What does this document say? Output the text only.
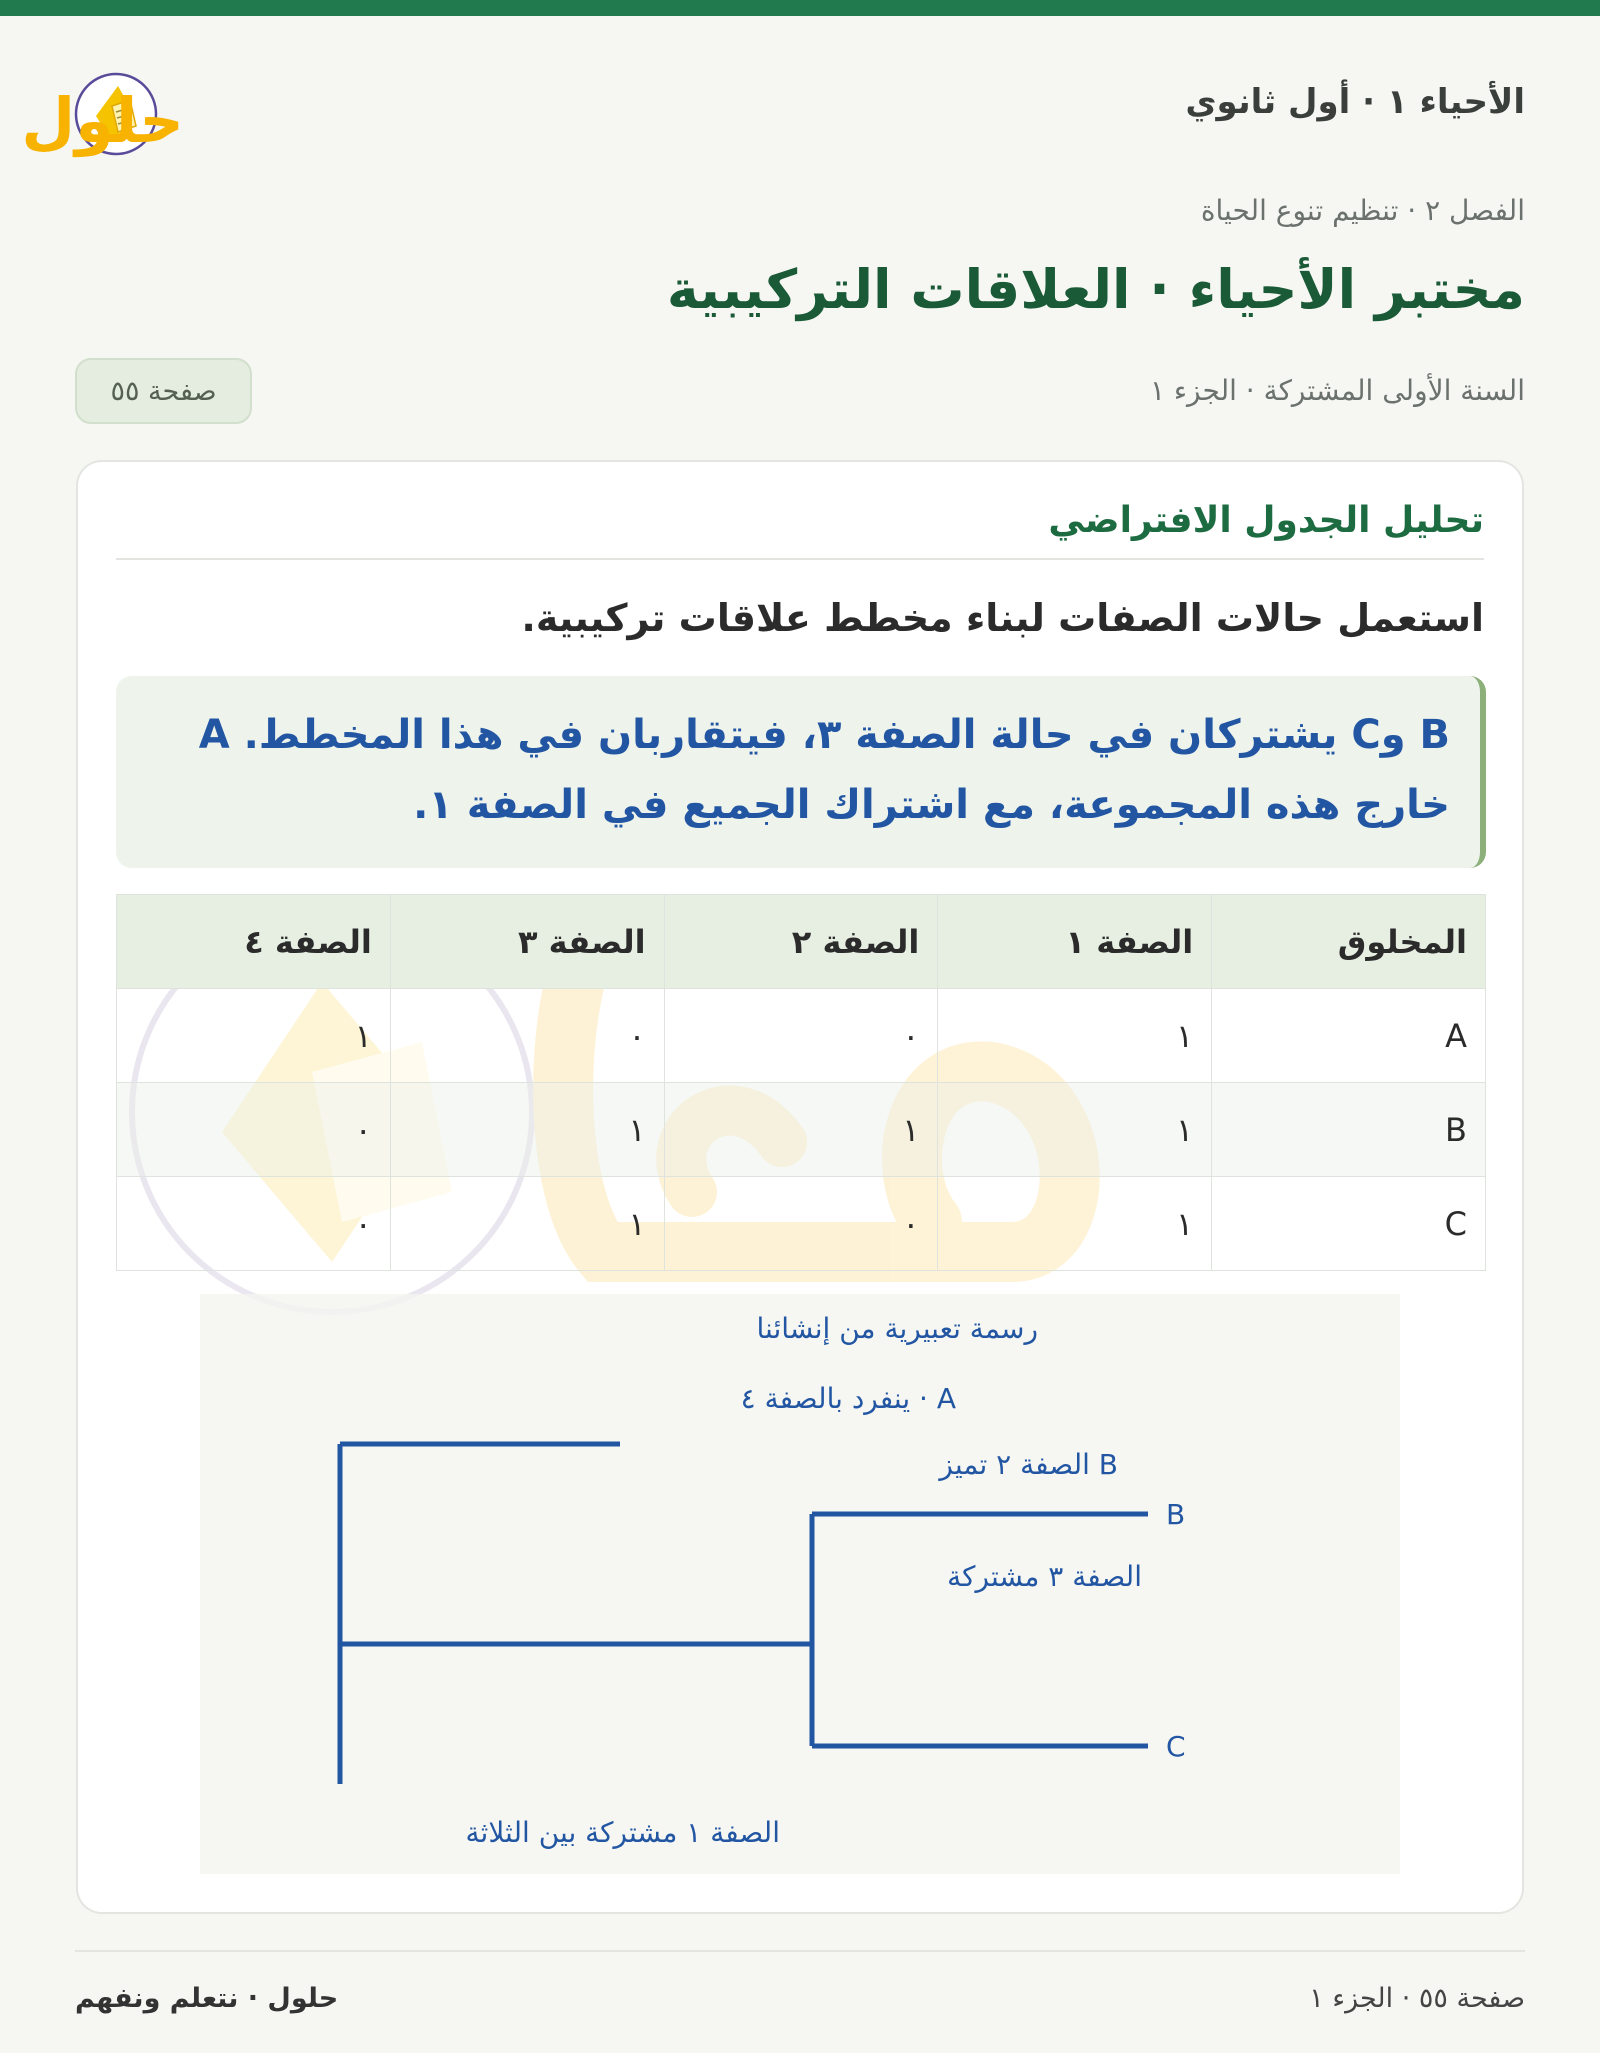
حلول	الأحياء ١ · أول ثانوي
الفصل ٢ · تنظيم تنوع الحياة
مختبر الأحياء · العلاقات التركيبية
السنة الأولى المشتركة · الجزء ١
صفحة ٥٥
تحليل الجدول الافتراضي
استعمل حالات الصفات لبناء مخطط علاقات تركيبية.
B وC يشتركان في حالة الصفة ٣، فيتقاربان في هذا المخطط. A
خارج هذه المجموعة، مع اشتراك الجميع في الصفة ١.
المخلوق	الصفة ١	الصفة ٢	الصفة ٣	الصفة ٤
A	١	٠	٠	١
B	١	١	١	٠
C	١	٠	١	٠
رسمة تعبيرية من إنشائنا
ينفرد بالصفة ٤ · A
الصفة ٢ تميز B
الصفة ٣ مشتركة
الصفة ١ مشتركة بين الثلاثة
B
C
حلول · نتعلم ونفهم	صفحة ٥٥ · الجزء ١
